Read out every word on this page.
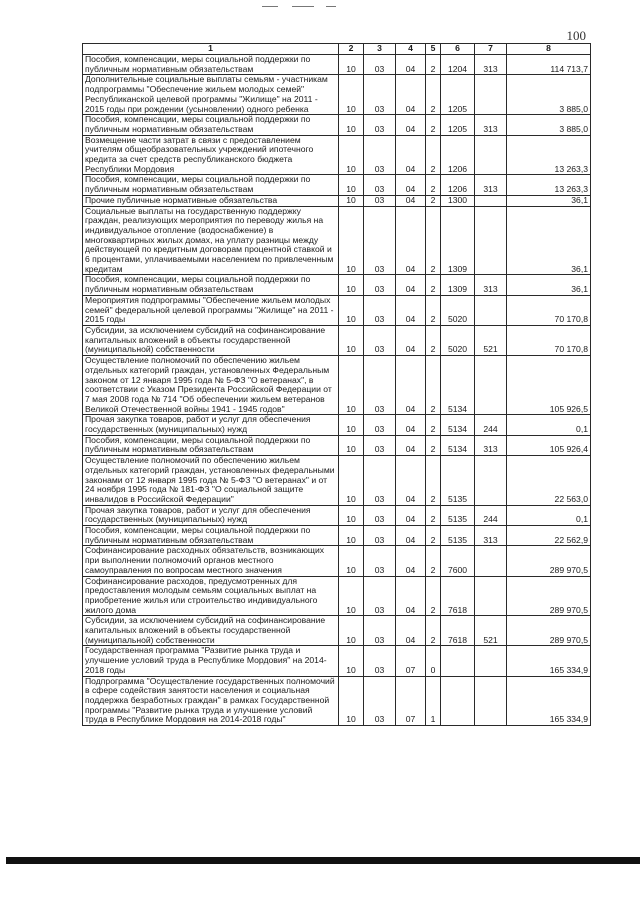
100
1	2	3	4	5	6	7	8
Пособия, компенсации, меры социальной поддержки по публичным нормативным обязательствам	10	03	04	2	1204	313	114 713,7
Дополнительные социальные выплаты семьям - участникам подпрограммы "Обеспечение жильем молодых семей" Республиканской целевой программы "Жилище" на 2011 - 2015 годы при рождении (усыновлении) одного ребенка	10	03	04	2	1205		3 885,0
Пособия, компенсации, меры социальной поддержки по публичным нормативным обязательствам	10	03	04	2	1205	313	3 885,0
Возмещение части затрат в связи с предоставлением учителям общеобразовательных учреждений ипотечного кредита за счет средств республиканского бюджета Республики Мордовия	10	03	04	2	1206		13 263,3
Пособия, компенсации, меры социальной поддержки по публичным нормативным обязательствам	10	03	04	2	1206	313	13 263,3
Прочие публичные нормативные обязательства	10	03	04	2	1300		36,1
Социальные выплаты на государственную поддержку граждан, реализующих мероприятия по переводу жилья на индивидуальное отопление (водоснабжение) в многоквартирных жилых домах, на уплату разницы между действующей по кредитным договорам процентной ставкой и 6 процентами, уплачиваемыми населением по привлеченным кредитам	10	03	04	2	1309		36,1
Пособия, компенсации, меры социальной поддержки по публичным нормативным обязательствам	10	03	04	2	1309	313	36,1
Мероприятия подпрограммы "Обеспечение жильем молодых семей" федеральной целевой программы "Жилище" на 2011 - 2015 годы	10	03	04	2	5020		70 170,8
Субсидии, за исключением субсидий на софинансирование капитальных вложений в объекты государственной (муниципальной) собственности	10	03	04	2	5020	521	70 170,8
Осуществление полномочий по обеспечению жильем отдельных категорий граждан, установленных Федеральным законом от 12 января 1995 года № 5-ФЗ "О ветеранах", в соответствии с Указом Президента Российской Федерации от 7 мая 2008 года № 714 "Об обеспечении жильем ветеранов Великой Отечественной войны 1941 - 1945 годов"	10	03	04	2	5134		105 926,5
Прочая закупка товаров, работ и услуг для обеспечения государственных (муниципальных) нужд	10	03	04	2	5134	244	0,1
Пособия, компенсации, меры социальной поддержки по публичным нормативным обязательствам	10	03	04	2	5134	313	105 926,4
Осуществление полномочий по обеспечению жильем отдельных категорий граждан, установленных федеральными законами от 12 января 1995 года № 5-ФЗ "О ветеранах" и от 24 ноября 1995 года № 181-ФЗ "О социальной защите инвалидов в Российской Федерации"	10	03	04	2	5135		22 563,0
Прочая закупка товаров, работ и услуг для обеспечения государственных (муниципальных) нужд	10	03	04	2	5135	244	0,1
Пособия, компенсации, меры социальной поддержки по публичным нормативным обязательствам	10	03	04	2	5135	313	22 562,9
Софинансирование расходных обязательств, возникающих при выполнении полномочий органов местного самоуправления по вопросам местного значения	10	03	04	2	7600		289 970,5
Софинансирование расходов, предусмотренных для предоставления молодым семьям социальных выплат на приобретение жилья или строительство индивидуального жилого дома	10	03	04	2	7618		289 970,5
Субсидии, за исключением субсидий на софинансирование капитальных вложений в объекты государственной (муниципальной) собственности	10	03	04	2	7618	521	289 970,5
Государственная программа "Развитие рынка труда и улучшение условий труда в Республике Мордовия" на 2014-2018 годы	10	03	07	0			165 334,9
Подпрограмма "Осуществление государственных полномочий в сфере содействия занятости населения и социальная поддержка безработных граждан" в рамках Государственной программы "Развитие рынка труда и улучшение условий труда в Республике Мордовия на 2014-2018 годы"	10	03	07	1			165 334,9
